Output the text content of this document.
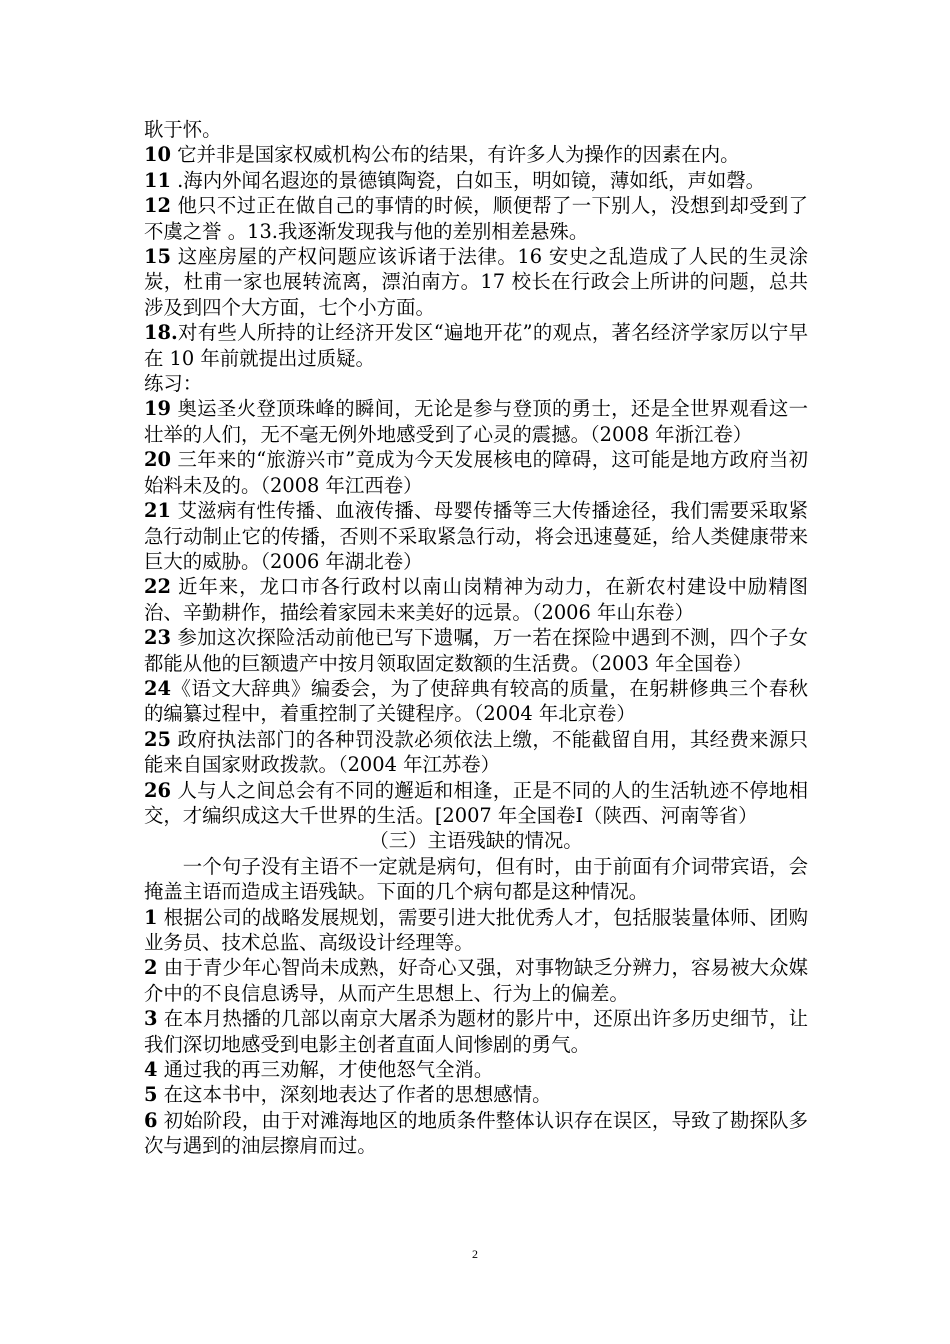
耿于怀。

10 它并非是国家权威机构公布的结果，有许多人为操作的因素在内。

11 .海内外闻名遐迩的景德镇陶瓷，白如玉，明如镜，薄如纸，声如磬。

12 他只不过正在做自己的事情的时候，顺便帮了一下别人，没想到却受到了不虞之誉 。13.我逐渐发现我与他的差别相差悬殊。

15 这座房屋的产权问题应该诉诸于法律。16 安史之乱造成了人民的生灵涂炭，杜甫一家也展转流离，漂泊南方。17 校长在行政会上所讲的问题，总共涉及到四个大方面，七个小方面。

18.对有些人所持的让经济开发区“遍地开花”的观点，著名经济学家厉以宁早在 10 年前就提出过质疑。

练习：

19 奥运圣火登顶珠峰的瞬间，无论是参与登顶的勇士，还是全世界观看这一壮举的人们，无不毫无例外地感受到了心灵的震撼。（2008 年浙江卷）

20 三年来的“旅游兴市”竟成为今天发展核电的障碍，这可能是地方政府当初始料未及的。（2008 年江西卷）

21 艾滋病有性传播、血液传播、母婴传播等三大传播途径，我们需要采取紧急行动制止它的传播，否则不采取紧急行动，将会迅速蔓延，给人类健康带来巨大的威胁。（2006 年湖北卷）

22 近年来，龙口市各行政村以南山岗精神为动力，在新农村建设中励精图治、辛勤耕作，描绘着家园未来美好的远景。（2006 年山东卷）

23 参加这次探险活动前他已写下遗嘱，万一若在探险中遇到不测，四个子女都能从他的巨额遗产中按月领取固定数额的生活费。（2003 年全国卷）

24《语文大辞典》编委会，为了使辞典有较高的质量，在躬耕修典三个春秋的编纂过程中，着重控制了关键程序。（2004 年北京卷）

25 政府执法部门的各种罚没款必须依法上缴，不能截留自用，其经费来源只能来自国家财政拨款。（2004 年江苏卷）

26 人与人之间总会有不同的邂逅和相逢，正是不同的人的生活轨迹不停地相交，才编织成这大千世界的生活。[2007 年全国卷Ⅰ（陕西、河南等省）

（三）主语残缺的情况。

一个句子没有主语不一定就是病句，但有时，由于前面有介词带宾语，会掩盖主语而造成主语残缺。下面的几个病句都是这种情况。

1 根据公司的战略发展规划，需要引进大批优秀人才，包括服装量体师、团购业务员、技术总监、高级设计经理等。

2 由于青少年心智尚未成熟，好奇心又强，对事物缺乏分辨力，容易被大众媒介中的不良信息诱导，从而产生思想上、行为上的偏差。

3 在本月热播的几部以南京大屠杀为题材的影片中，还原出许多历史细节，让我们深切地感受到电影主创者直面人间惨剧的勇气。

4 通过我的再三劝解，才使他怒气全消。

5 在这本书中，深刻地表达了作者的思想感情。

6 初始阶段，由于对滩海地区的地质条件整体认识存在误区，导致了勘探队多次与遇到的油层擦肩而过。

2
